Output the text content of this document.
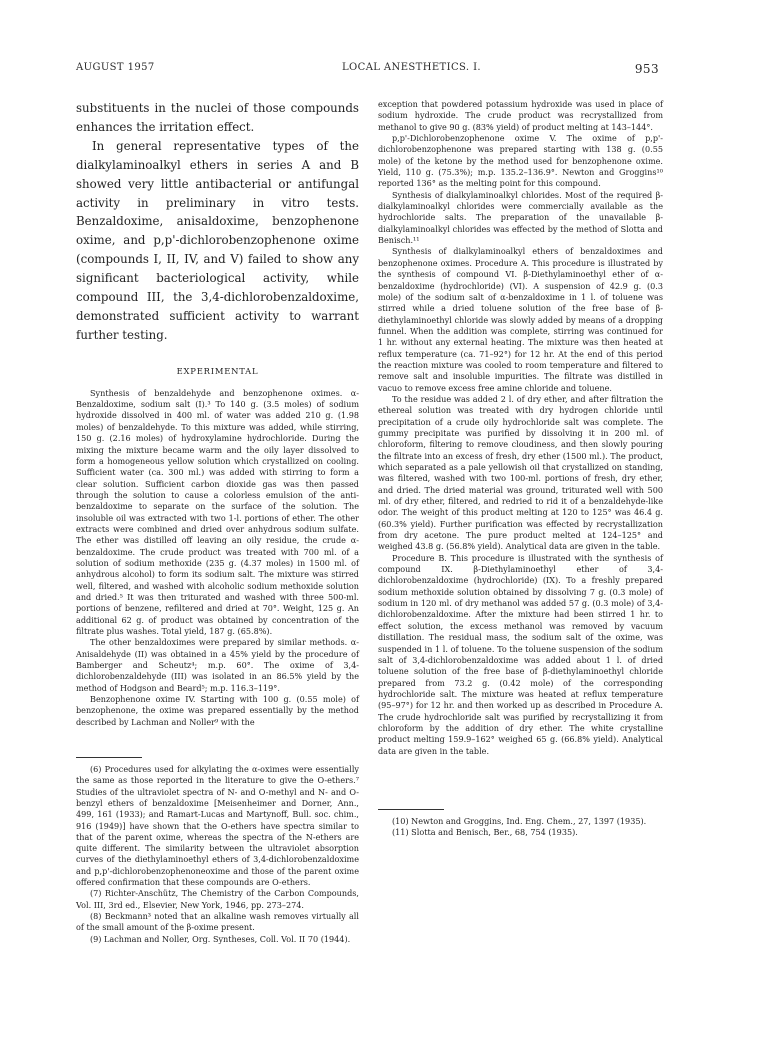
AUGUST 1957	LOCAL ANESTHETICS. I.	953

substituents in the nuclei of those compounds enhances the irritation effect.

In general representative types of the dialkylaminoalkyl ethers in series A and B showed very little antibacterial or antifungal activity in preliminary in vitro tests. Benzaldoxime, anisaldoxime, benzophenone oxime, and p,p'-dichlorobenzophenone oxime (compounds I, II, IV, and V) failed to show any significant bacteriological activity, while compound III, the 3,4-dichlorobenzaldoxime, demonstrated sufficient activity to warrant further testing.

EXPERIMENTAL

Synthesis of benzaldehyde and benzophenone oximes. α-Benzaldoxime, sodium salt (I).³ To 140 g. (3.5 moles) of sodium hydroxide dissolved in 400 ml. of water was added 210 g. (1.98 moles) of benzaldehyde. To this mixture was added, while stirring, 150 g. (2.16 moles) of hydroxylamine hydrochloride. During the mixing the mixture became warm and the oily layer dissolved to form a homogeneous yellow solution which crystallized on cooling. Sufficient water (ca. 300 ml.) was added with stirring to form a clear solution. Sufficient carbon dioxide gas was then passed through the solution to cause a colorless emulsion of the anti-benzaldoxime to separate on the surface of the solution. The insoluble oil was extracted with two 1-l. portions of ether. The other extracts were combined and dried over anhydrous sodium sulfate. The ether was distilled off leaving an oily residue, the crude α-benzaldoxime. The crude product was treated with 700 ml. of a solution of sodium methoxide (235 g. (4.37 moles) in 1500 ml. of anhydrous alcohol) to form its sodium salt. The mixture was stirred well, filtered, and washed with alcoholic sodium methoxide solution and dried.⁵ It was then triturated and washed with three 500-ml. portions of benzene, refiltered and dried at 70°. Weight, 125 g. An additional 62 g. of product was obtained by concentration of the filtrate plus washes. Total yield, 187 g. (65.8%).

The other benzaldoximes were prepared by similar methods. α-Anisaldehyde (II) was obtained in a 45% yield by the procedure of Bamberger and Scheutz⁴; m.p. 60°. The oxime of 3,4-dichlorobenzaldehyde (III) was isolated in an 86.5% yield by the method of Hodgson and Beard⁵; m.p. 116.3–119°.

Benzophenone oxime IV. Starting with 100 g. (0.55 mole) of benzophenone, the oxime was prepared essentially by the method described by Lachman and Noller⁹ with the

(6) Procedures used for alkylating the α-oximes were essentially the same as those reported in the literature to give the O-ethers.⁷ Studies of the ultraviolet spectra of N- and O-methyl and N- and O-benzyl ethers of benzaldoxime [Meisenheimer and Dorner, Ann., 499, 161 (1933); and Ramart-Lucas and Martynoff, Bull. soc. chim., 916 (1949)] have shown that the O-ethers have spectra similar to that of the parent oxime, whereas the spectra of the N-ethers are quite different. The similarity between the ultraviolet absorption curves of the diethylaminoethyl ethers of 3,4-dichlorobenzaldoxime and p,p'-dichlorobenzophenoneoxime and those of the parent oxime offered confirmation that these compounds are O-ethers.

(7) Richter-Anschütz, The Chemistry of the Carbon Compounds, Vol. III, 3rd ed., Elsevier, New York, 1946, pp. 273–274.

(8) Beckmann³ noted that an alkaline wash removes virtually all of the small amount of the β-oxime present.

(9) Lachman and Noller, Org. Syntheses, Coll. Vol. II 70 (1944).

exception that powdered potassium hydroxide was used in place of sodium hydroxide. The crude product was recrystallized from methanol to give 90 g. (83% yield) of product melting at 143–144°.

p,p'-Dichlorobenzophenone oxime V. The oxime of p,p'-dichlorobenzophenone was prepared starting with 138 g. (0.55 mole) of the ketone by the method used for benzophenone oxime. Yield, 110 g. (75.3%); m.p. 135.2–136.9°. Newton and Groggins¹⁰ reported 136° as the melting point for this compound.

Synthesis of dialkylaminoalkyl chlorides. Most of the required β-dialkylaminoalkyl chlorides were commercially available as the hydrochloride salts. The preparation of the unavailable β-dialkylaminoalkyl chlorides was effected by the method of Slotta and Benisch.¹¹

Synthesis of dialkylaminoalkyl ethers of benzaldoximes and benzophenone oximes. Procedure A. This procedure is illustrated by the synthesis of compound VI. β-Diethylaminoethyl ether of α-benzaldoxime (hydrochloride) (VI). A suspension of 42.9 g. (0.3 mole) of the sodium salt of α-benzaldoxime in 1 l. of toluene was stirred while a dried toluene solution of the free base of β-diethylaminoethyl chloride was slowly added by means of a dropping funnel. When the addition was complete, stirring was continued for 1 hr. without any external heating. The mixture was then heated at reflux temperature (ca. 71–92°) for 12 hr. At the end of this period the reaction mixture was cooled to room temperature and filtered to remove salt and insoluble impurities. The filtrate was distilled in vacuo to remove excess free amine chloride and toluene.

To the residue was added 2 l. of dry ether, and after filtration the ethereal solution was treated with dry hydrogen chloride until precipitation of a crude oily hydrochloride salt was complete. The gummy precipitate was purified by dissolving it in 200 ml. of chloroform, filtering to remove cloudiness, and then slowly pouring the filtrate into an excess of fresh, dry ether (1500 ml.). The product, which separated as a pale yellowish oil that crystallized on standing, was filtered, washed with two 100-ml. portions of fresh, dry ether, and dried. The dried material was ground, triturated well with 500 ml. of dry ether, filtered, and redried to rid it of a benzaldehyde-like odor. The weight of this product melting at 120 to 125° was 46.4 g. (60.3% yield). Further purification was effected by recrystallization from dry acetone. The pure product melted at 124–125° and weighed 43.8 g. (56.8% yield). Analytical data are given in the table.

Procedure B. This procedure is illustrated with the synthesis of compound IX. β-Diethylaminoethyl ether of 3,4-dichlorobenzaldoxime (hydrochloride) (IX). To a freshly prepared sodium methoxide solution obtained by dissolving 7 g. (0.3 mole) of sodium in 120 ml. of dry methanol was added 57 g. (0.3 mole) of 3,4-dichlorobenzaldoxime. After the mixture had been stirred 1 hr. to effect solution, the excess methanol was removed by vacuum distillation. The residual mass, the sodium salt of the oxime, was suspended in 1 l. of toluene. To the toluene suspension of the sodium salt of 3,4-dichlorobenzaldoxime was added about 1 l. of dried toluene solution of the free base of β-diethylaminoethyl chloride prepared from 73.2 g. (0.42 mole) of the corresponding hydrochloride salt. The mixture was heated at reflux temperature (95–97°) for 12 hr. and then worked up as described in Procedure A. The crude hydrochloride salt was purified by recrystallizing it from chloroform by the addition of dry ether. The white crystalline product melting 159.9–162° weighed 65 g. (66.8% yield). Analytical data are given in the table.

(10) Newton and Groggins, Ind. Eng. Chem., 27, 1397 (1935).

(11) Slotta and Benisch, Ber., 68, 754 (1935).
